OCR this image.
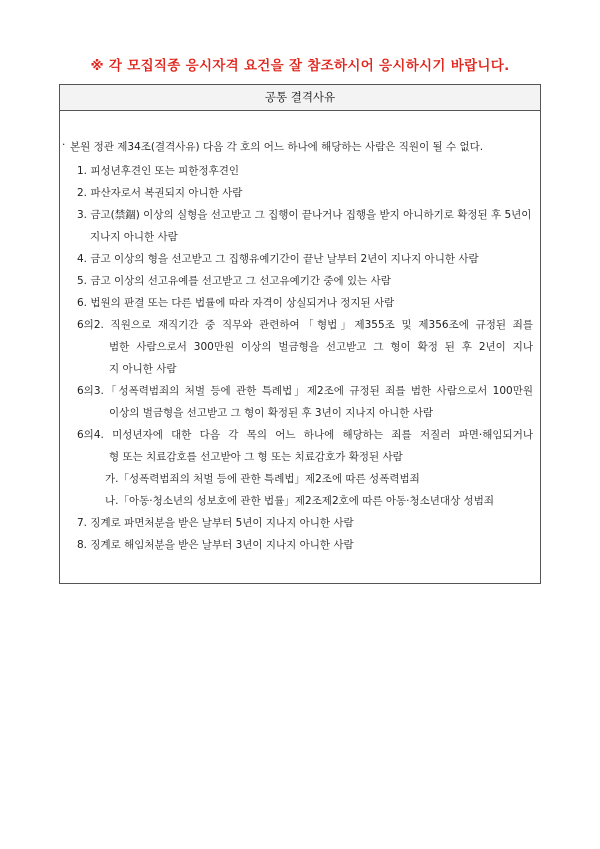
※ 각 모집직종 응시자격 요건을 잘 참조하시어 응시하시기 바랍니다.
공통 결격사유
· 본원 정관 제34조(결격사유) 다음 각 호의 어느 하나에 해당하는 사람은 직원이 될 수 없다.
1. 피성년후견인 또는 피한정후견인
2. 파산자로서 복권되지 아니한 사람
3. 금고(禁錮) 이상의 실형을 선고받고 그 집행이 끝나거나 집행을 받지 아니하기로 확정된 후 5년이
지나지 아니한 사람
4. 금고 이상의 형을 선고받고 그 집행유예기간이 끝난 날부터 2년이 지나지 아니한 사람
5. 금고 이상의 선고유예를 선고받고 그 선고유예기간 중에 있는 사람
6. 법원의 판결 또는 다른 법률에 따라 자격이 상실되거나 정지된 사람
6의2. 직원으로 재직기간 중 직무와 관련하여「형법」제355조 및 제356조에 규정된 죄를
범한 사람으로서 300만원 이상의 벌금형을 선고받고 그 형이 확정 된 후 2년이 지나
지 아니한 사람
6의3.「성폭력범죄의 처벌 등에 관한 특례법」제2조에 규정된 죄를 범한 사람으로서 100만원
이상의 벌금형을 선고받고 그 형이 확정된 후 3년이 지나지 아니한 사람
6의4. 미성년자에 대한 다음 각 목의 어느 하나에 해당하는 죄를 저질러 파면·해임되거나
형 또는 치료감호를 선고받아 그 형 또는 치료감호가 확정된 사람
가.「성폭력범죄의 처벌 등에 관한 특례법」제2조에 따른 성폭력범죄
나.「아동·청소년의 성보호에 관한 법률」제2조제2호에 따른 아동·청소년대상 성범죄
7. 징계로 파면처분을 받은 날부터 5년이 지나지 아니한 사람
8. 징계로 해임처분을 받은 날부터 3년이 지나지 아니한 사람
